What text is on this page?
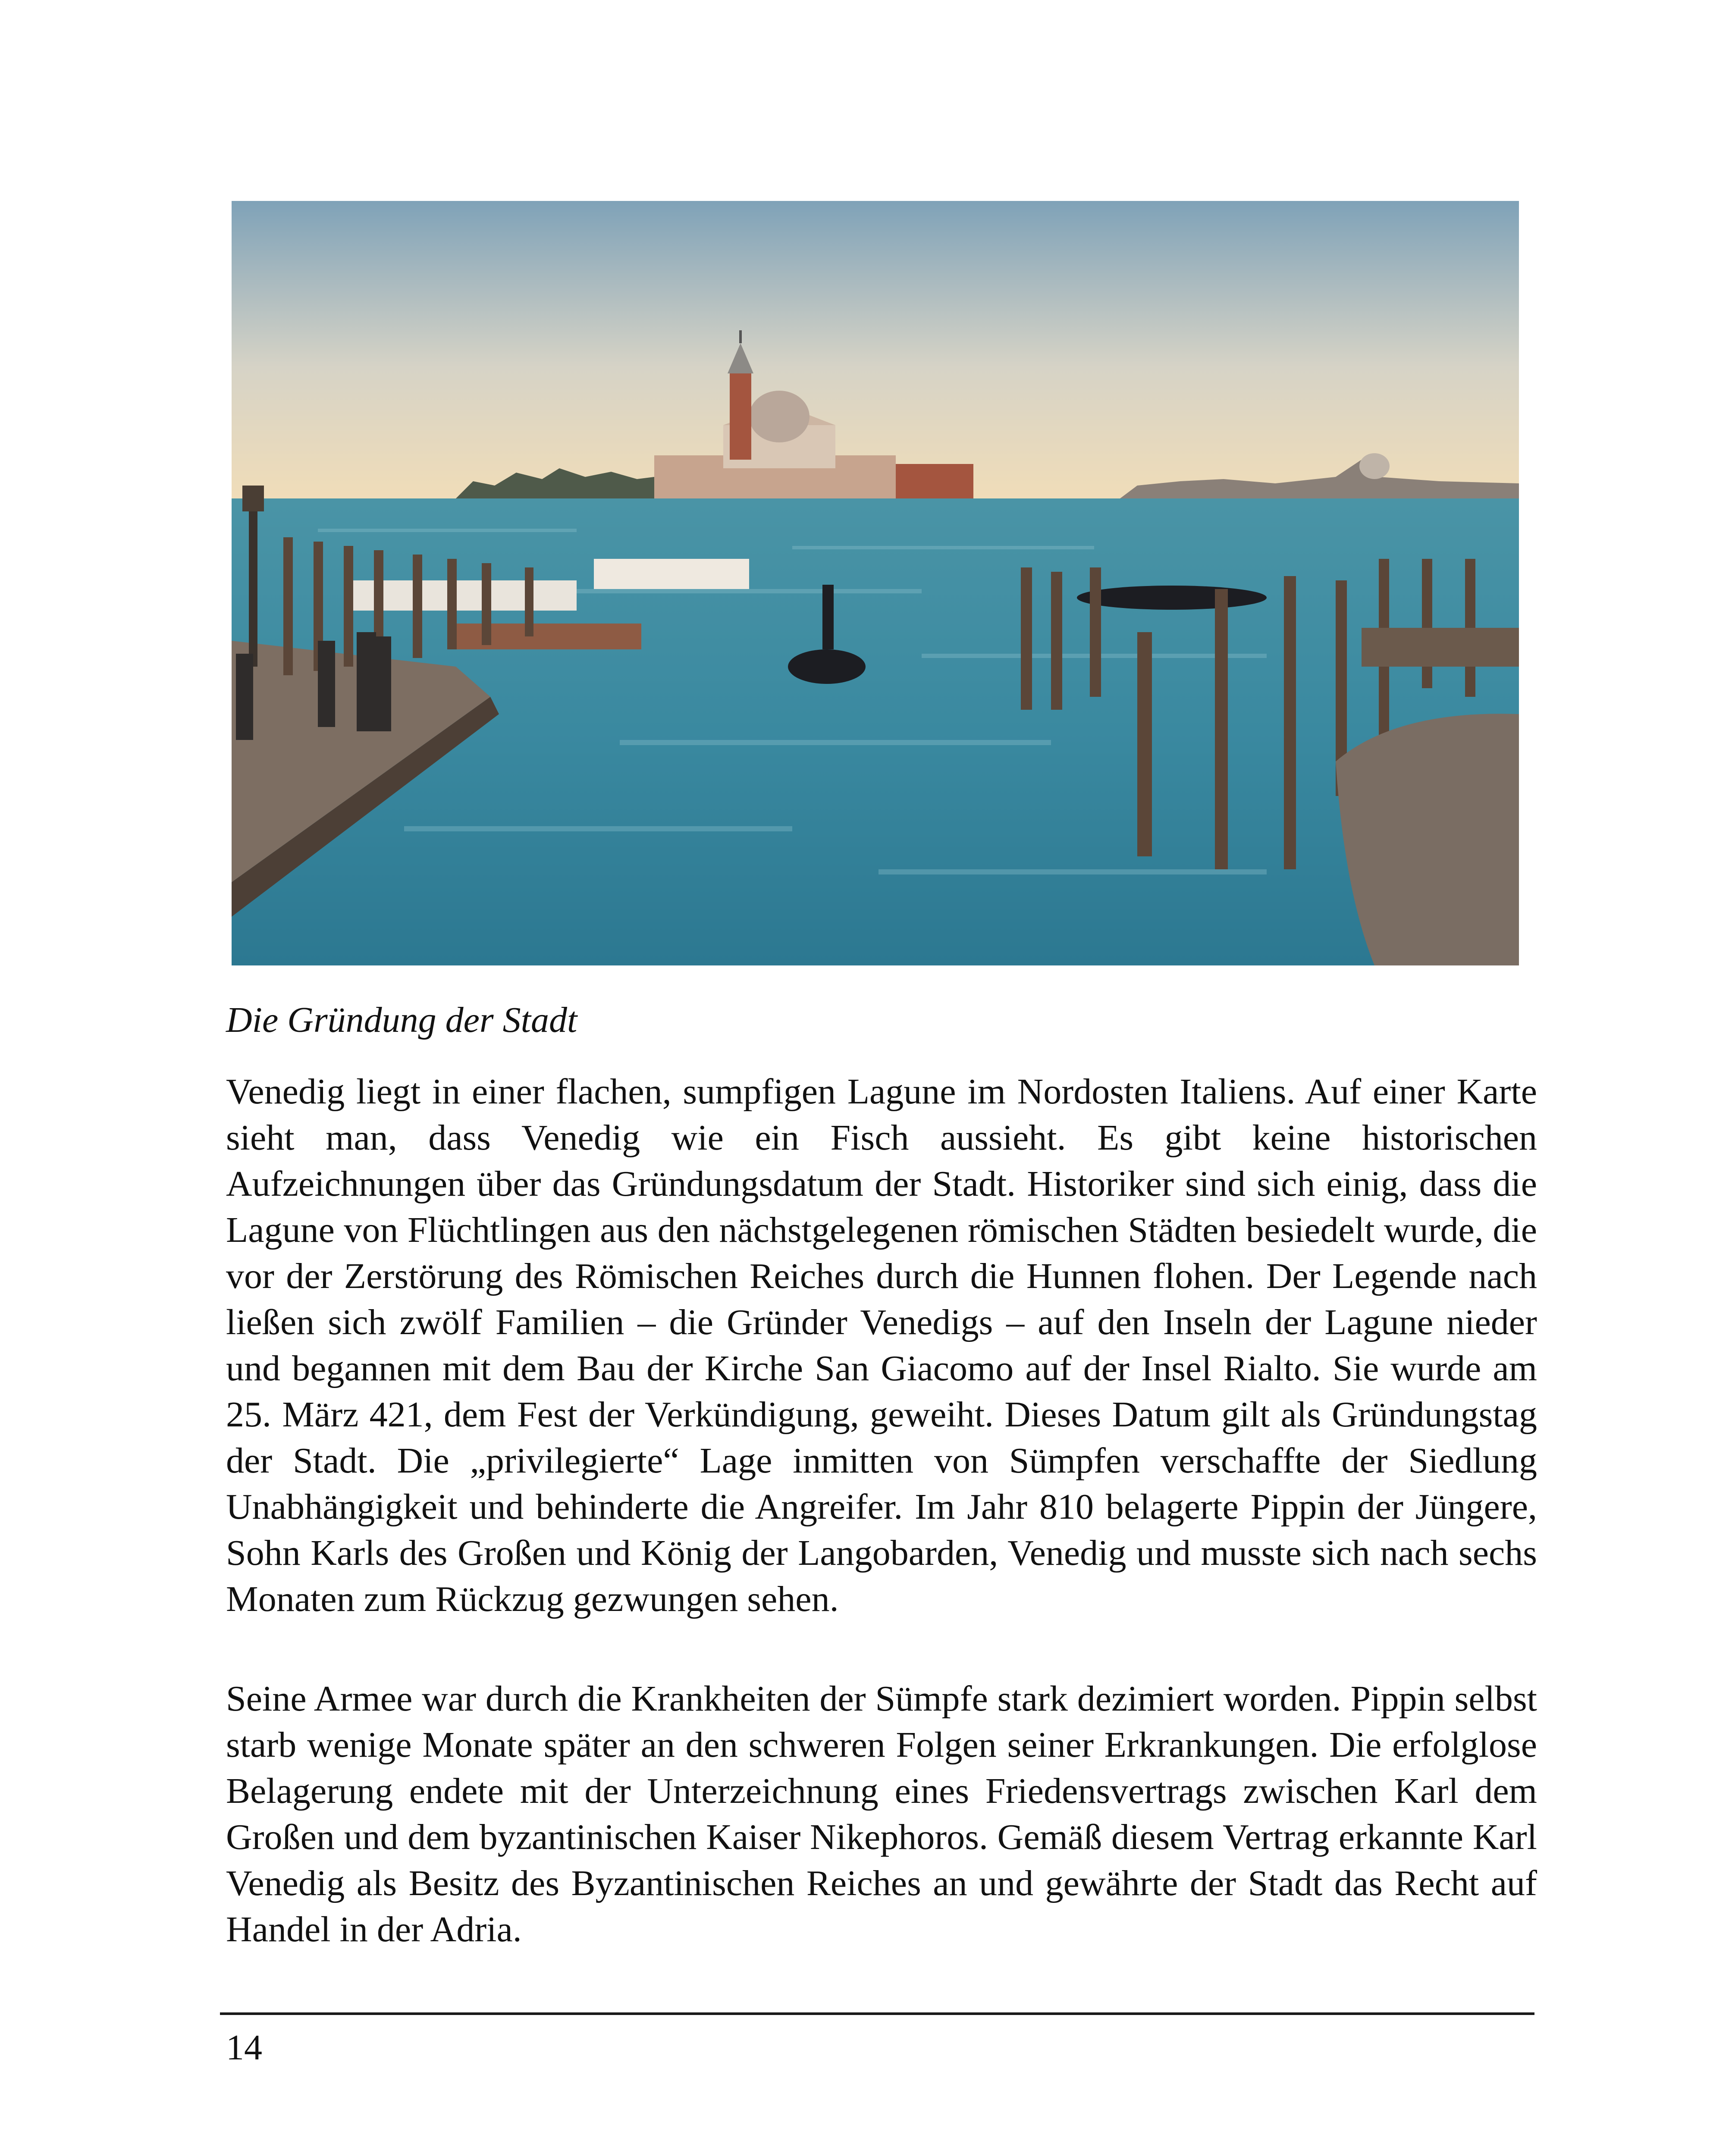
Die Gründung der Stadt

Venedig liegt in einer flachen, sumpfigen Lagune im Nordosten Italiens. Auf einer Karte sieht man, dass Venedig wie ein Fisch aussieht. Es gibt keine historischen Aufzeichnungen über das Gründungsdatum der Stadt. Historiker sind sich einig, dass die Lagune von Flüchtlingen aus den nächstgelegenen römischen Städten besiedelt wurde, die vor der Zerstörung des Römischen Reiches durch die Hunnen flohen. Der Legende nach ließen sich zwölf Familien – die Gründer Venedigs – auf den Inseln der Lagune nieder und begannen mit dem Bau der Kirche San Giacomo auf der Insel Rialto. Sie wurde am 25. März 421, dem Fest der Verkündigung, geweiht. Dieses Datum gilt als Gründungstag der Stadt. Die „privilegierte“ Lage inmitten von Sümpfen verschaffte der Siedlung Unabhängigkeit und behinderte die Angreifer. Im Jahr 810 belagerte Pippin der Jüngere, Sohn Karls des Großen und König der Langobarden, Venedig und musste sich nach sechs Monaten zum Rückzug gezwungen sehen.

Seine Armee war durch die Krankheiten der Sümpfe stark dezimiert worden. Pippin selbst starb wenige Monate später an den schweren Folgen seiner Erkrankungen. Die erfolglose Belagerung endete mit der Unterzeichnung eines Friedensvertrags zwischen Karl dem Großen und dem byzantinischen Kaiser Nikephoros. Gemäß diesem Vertrag erkannte Karl Venedig als Besitz des Byzantinischen Reiches an und gewährte der Stadt das Recht auf Handel in der Adria.

14
